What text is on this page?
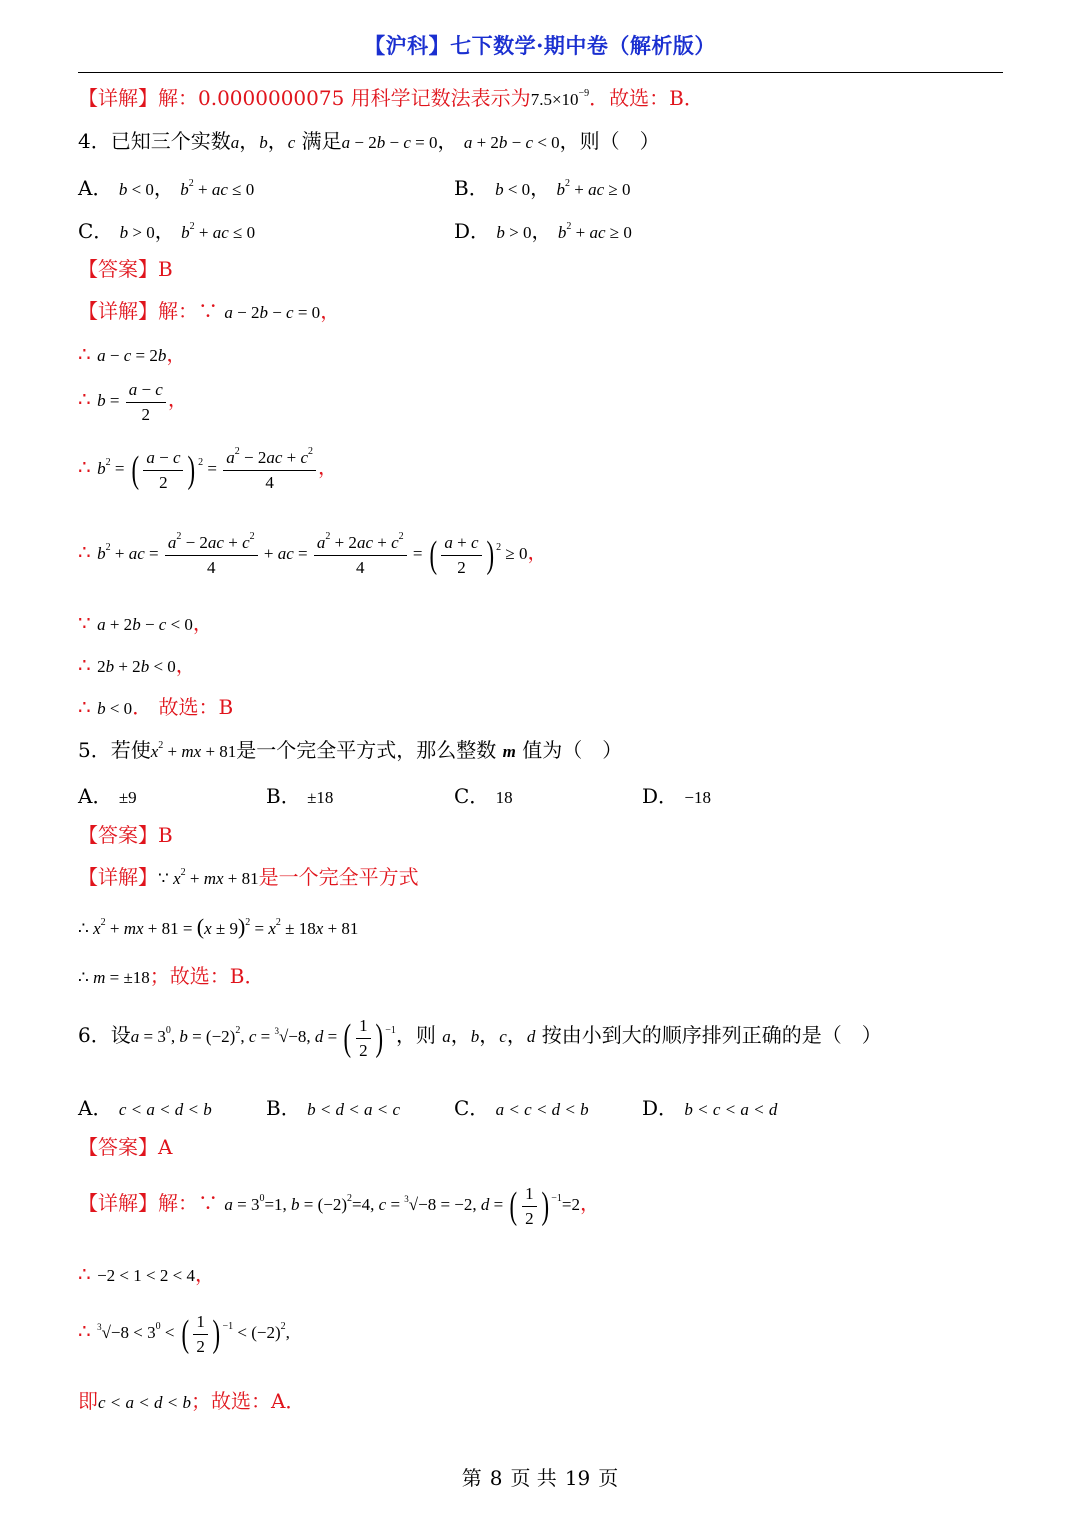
【沪科】七下数学·期中卷（解析版）
【详解】解：0.0000000075 用科学记数法表示为$7.5\times 10^{-9}$．故选：B．
4．已知三个实数a，b，c 满足a − 2b − c = 0， a + 2b − c < 0，则（　）
A． b < 0， $b^2$ + ac ≤ 0	B． b < 0， $b^2$ + ac ≥ 0
C． b > 0， $b^2$ + ac ≤ 0	D． b > 0， $b^2$ + ac ≥ 0
【答案】B
【详解】解：∵ a − 2b − c = 0，
∴ a − c = 2b，
∴ $b = \frac{a - c}{2}$ ，
∴ $b^2$ = ( $\frac{a - c}{2}$ ) $^2 = \frac{a^2 - 2ac + c^2}{4}$ ，
∴ $b^2$ + ac = $\frac{a^2 - 2ac + c^2}{4}$ + ac = $\frac{a^2 + 2ac + c^2}{4}$ = ( $\frac{a + c}{2}$ ) $^2$ ≥ 0，
∵ a + 2b − c < 0，
∴ 2b + 2b < 0，
∴ b < 0． 故选：B
5．若使$x^2$ + mx + 81是一个完全平方式，那么整数 m 值为（　）
A． ±9	B． ±18	C． 18	D． −18
【答案】B
【详解】∵ $x^2$ + mx + 81是一个完全平方式
∴ $x^2$ + mx + $81 = (x \pm 9)^2 = x^2 \pm 18x + 81$
∴ m = ±18；故选：B．
6．设$a = 3^0$, $b = (-2)^2$, c = $^3$√−8, d = ( $\frac{1}{2}$ ) $^{-1}$，则 a，b，c，d 按由小到大的顺序排列正确的是（　）
A． c < a < d < b	B． b < d < a < c	C． a < c < d < b	D． b < c < a < d
【答案】A
【详解】解：∵ $a = 3^0=1$, $b = (-2)^2=4$, c = $^3$√−8 = −2, d = ( $\frac{1}{2}$ ) $^{-1}$=2，
∴ −2 < 1 < 2 < 4，
∴ $^3√-8 < 3^0$ < ( $\frac{1}{2}$ ) $^{-1} < (-2)^2$,
即c < a < d < b；故选：A．
第 8 页 共 19 页
